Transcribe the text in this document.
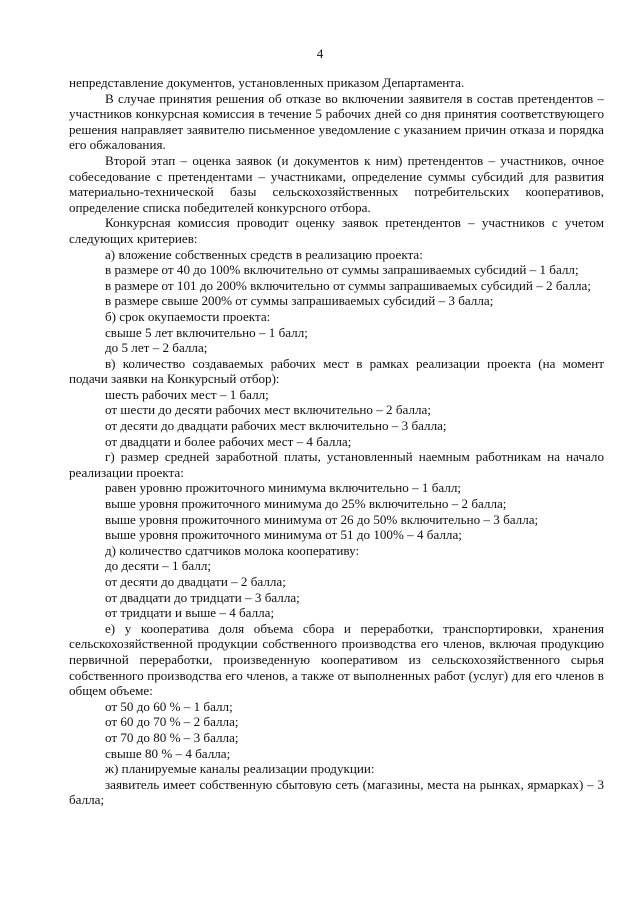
4

непредставление документов, установленных приказом Департамента.

В случае принятия решения об отказе во включении заявителя в состав претендентов – участников конкурсная комиссия в течение 5 рабочих дней со дня принятия соответствующего решения направляет заявителю письменное уведомление с указанием причин отказа и порядка его обжалования.

Второй этап – оценка заявок (и документов к ним) претендентов – участников, очное собеседование с претендентами – участниками, определение суммы субсидий для развития материально-технической базы сельскохозяйственных потребительских кооперативов, определение списка победителей конкурсного отбора.

Конкурсная комиссия проводит оценку заявок претендентов – участников с учетом следующих критериев:

а) вложение собственных средств в реализацию проекта:

в размере от 40 до 100% включительно от суммы запрашиваемых субсидий – 1 балл;

в размере от 101 до 200% включительно от суммы запрашиваемых субсидий – 2 балла;

в размере свыше 200% от суммы запрашиваемых субсидий – 3 балла;

б) срок окупаемости проекта:

свыше 5 лет включительно – 1 балл;

до 5 лет – 2 балла;

в) количество создаваемых рабочих мест в рамках реализации проекта (на момент подачи заявки на Конкурсный отбор):

шесть рабочих мест – 1 балл;

от шести до десяти рабочих мест включительно – 2 балла;

от десяти до двадцати рабочих мест включительно – 3 балла;

от двадцати и более рабочих мест – 4 балла;

г) размер средней заработной платы, установленный наемным работникам на начало реализации проекта:

равен уровню прожиточного минимума включительно – 1 балл;

выше уровня прожиточного минимума до 25% включительно – 2 балла;

выше уровня прожиточного минимума от 26 до 50% включительно – 3 балла;

выше уровня прожиточного минимума от 51 до 100% – 4 балла;

д) количество сдатчиков молока кооперативу:

до десяти – 1 балл;

от десяти до двадцати – 2 балла;

от двадцати до тридцати – 3 балла;

от тридцати и выше – 4 балла;

е) у кооператива доля объема сбора и переработки, транспортировки, хранения сельскохозяйственной продукции собственного производства его членов, включая продукцию первичной переработки, произведенную кооперативом из сельскохозяйственного сырья собственного производства его членов, а также от выполненных работ (услуг) для его членов в общем объеме:

от 50 до 60 % – 1 балл;

от 60 до 70 % – 2 балла;

от 70 до 80 % – 3 балла;

свыше 80 % – 4 балла;

ж) планируемые каналы реализации продукции:

заявитель имеет собственную сбытовую сеть (магазины, места на рынках, ярмарках) – 3 балла;
